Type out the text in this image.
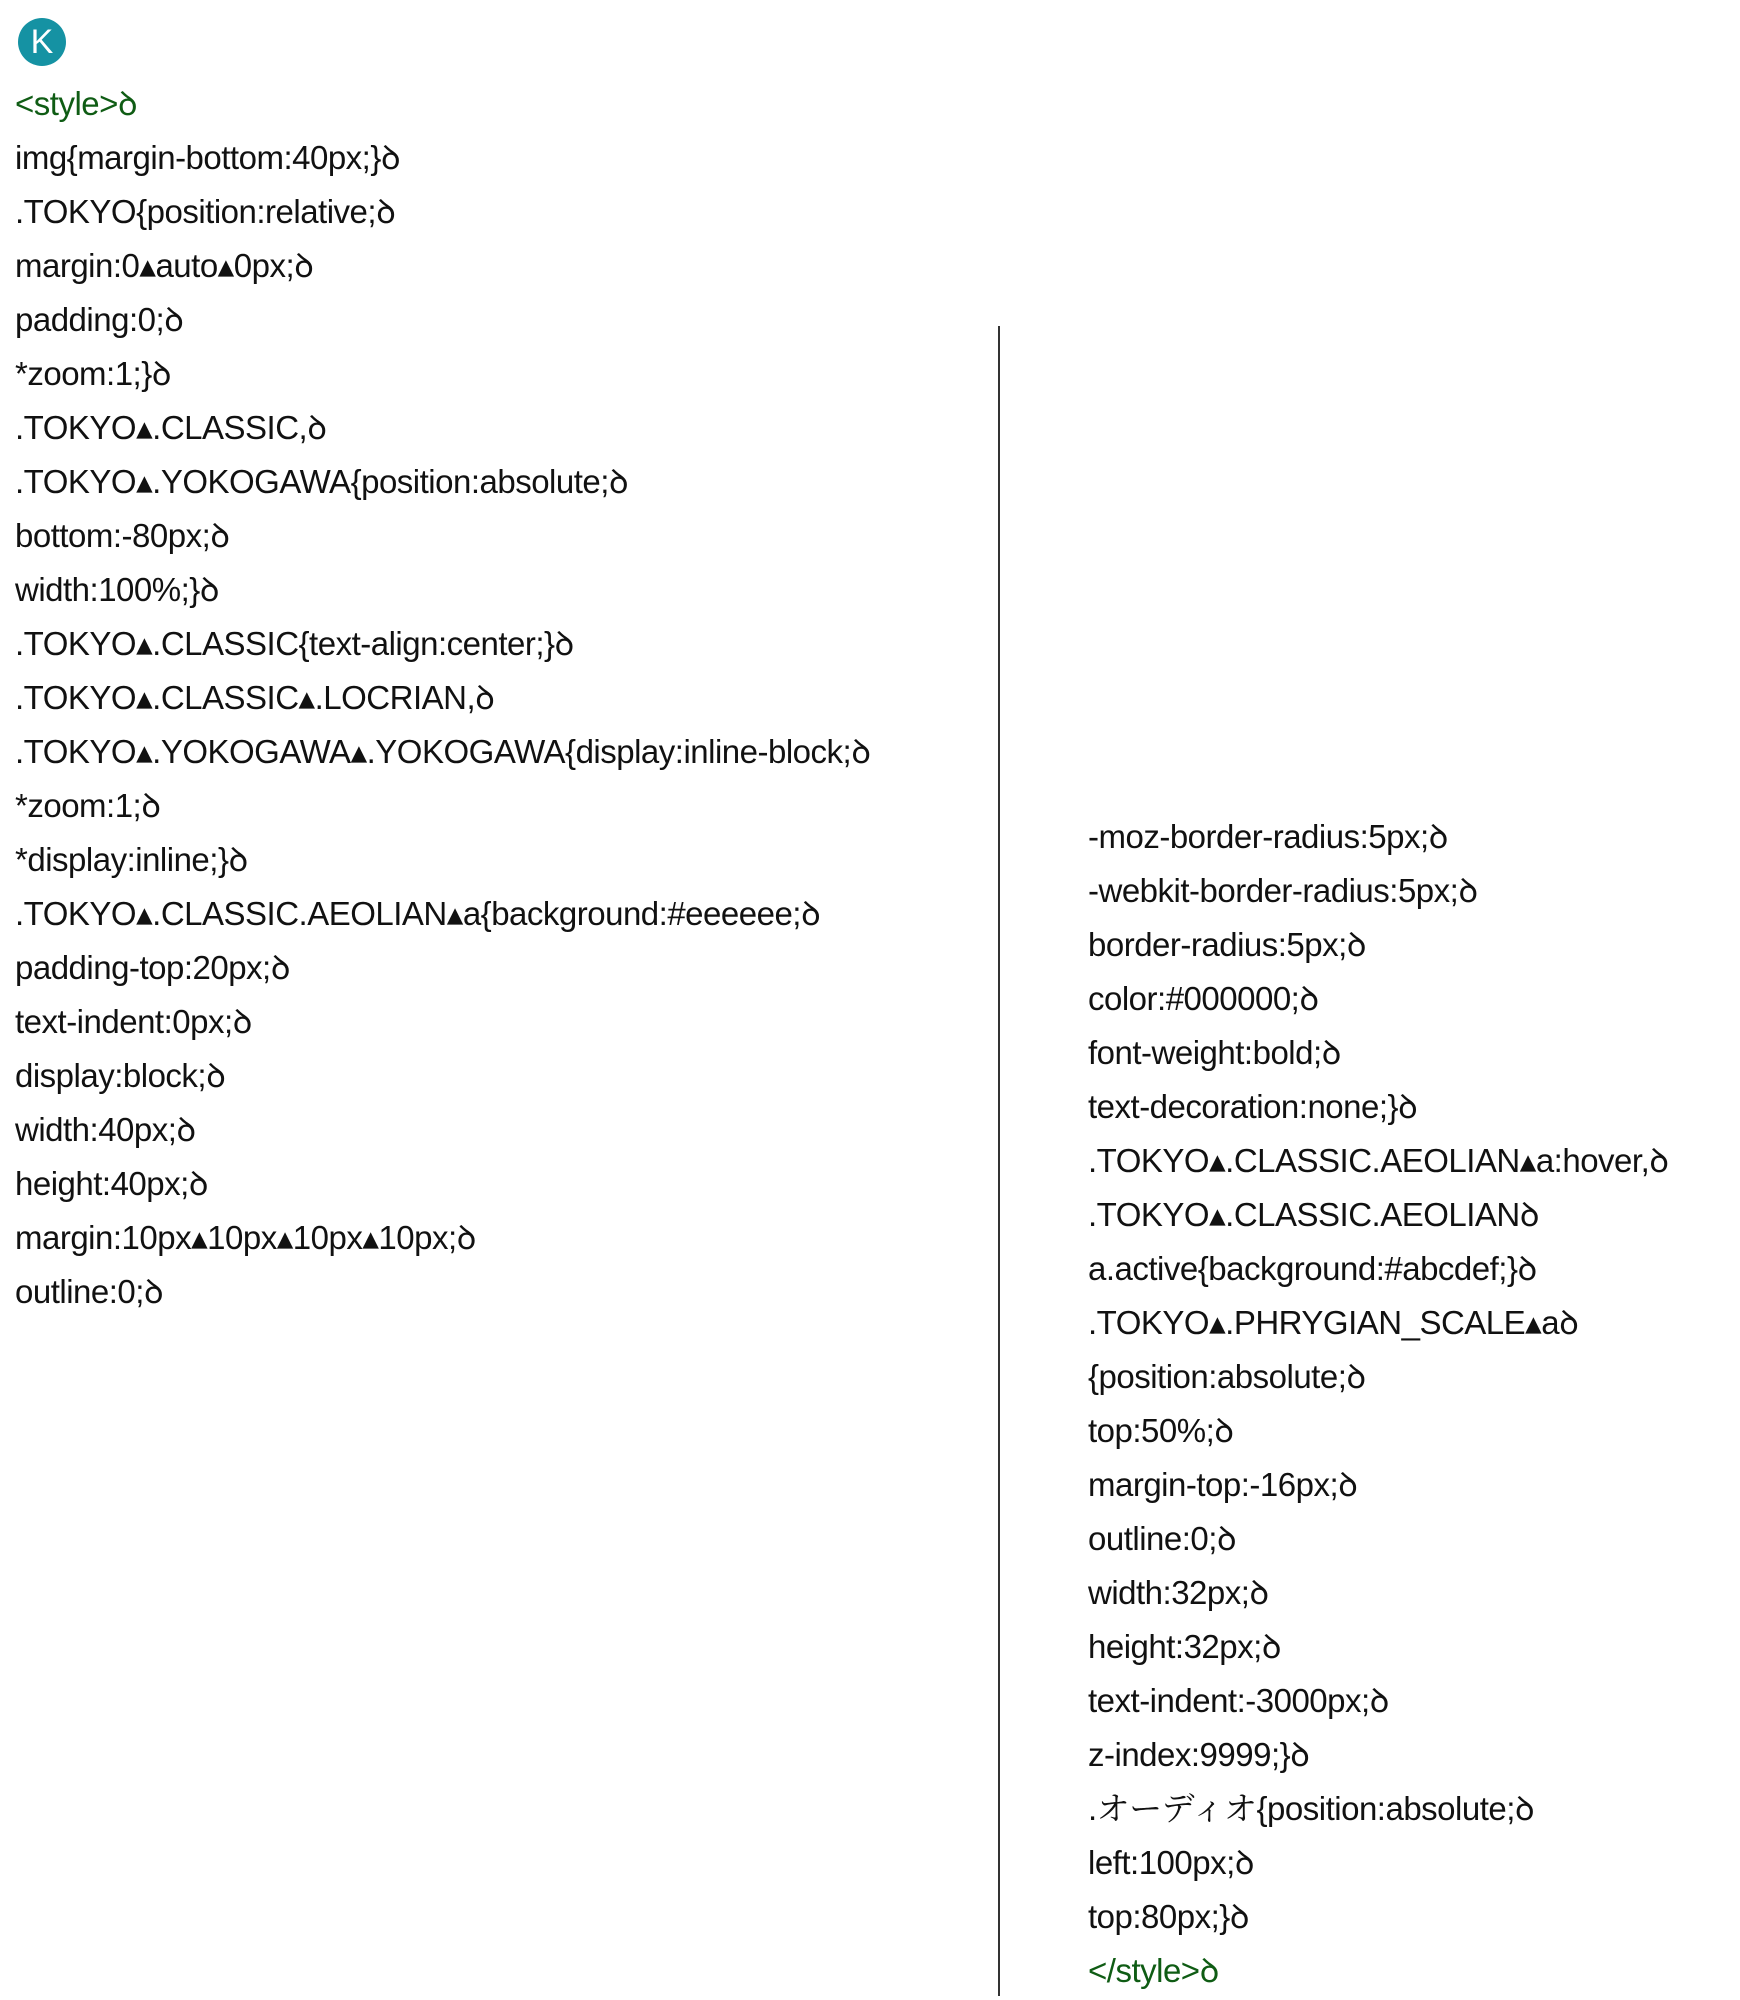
K
<style>ꝺ
img{margin-bottom:40px;}ꝺ
.TOKYO{position:relative;ꝺ
margin:0▴auto▴0px;ꝺ
padding:0;ꝺ
*zoom:1;}ꝺ
.TOKYO▴.CLASSIC,ꝺ
.TOKYO▴.YOKOGAWA{position:absolute;ꝺ
bottom:-80px;ꝺ
width:100%;}ꝺ
.TOKYO▴.CLASSIC{text-align:center;}ꝺ
.TOKYO▴.CLASSIC▴.LOCRIAN,ꝺ
.TOKYO▴.YOKOGAWA▴.YOKOGAWA{display:inline-block;ꝺ
*zoom:1;ꝺ
*display:inline;}ꝺ
.TOKYO▴.CLASSIC.AEOLIAN▴a{background:#eeeeee;ꝺ
padding-top:20px;ꝺ
text-indent:0px;ꝺ
display:block;ꝺ
width:40px;ꝺ
height:40px;ꝺ
margin:10px▴10px▴10px▴10px;ꝺ
outline:0;ꝺ
-moz-border-radius:5px;ꝺ
-webkit-border-radius:5px;ꝺ
border-radius:5px;ꝺ
color:#000000;ꝺ
font-weight:bold;ꝺ
text-decoration:none;}ꝺ
.TOKYO▴.CLASSIC.AEOLIAN▴a:hover,ꝺ
.TOKYO▴.CLASSIC.AEOLIANꝺ
a.active{background:#abcdef;}ꝺ
.TOKYO▴.PHRYGIAN_SCALE▴aꝺ
{position:absolute;ꝺ
top:50%;ꝺ
margin-top:-16px;ꝺ
outline:0;ꝺ
width:32px;ꝺ
height:32px;ꝺ
text-indent:-3000px;ꝺ
z-index:9999;}ꝺ
.オーディオ{position:absolute;ꝺ
left:100px;ꝺ
top:80px;}ꝺ
</style>ꝺ
